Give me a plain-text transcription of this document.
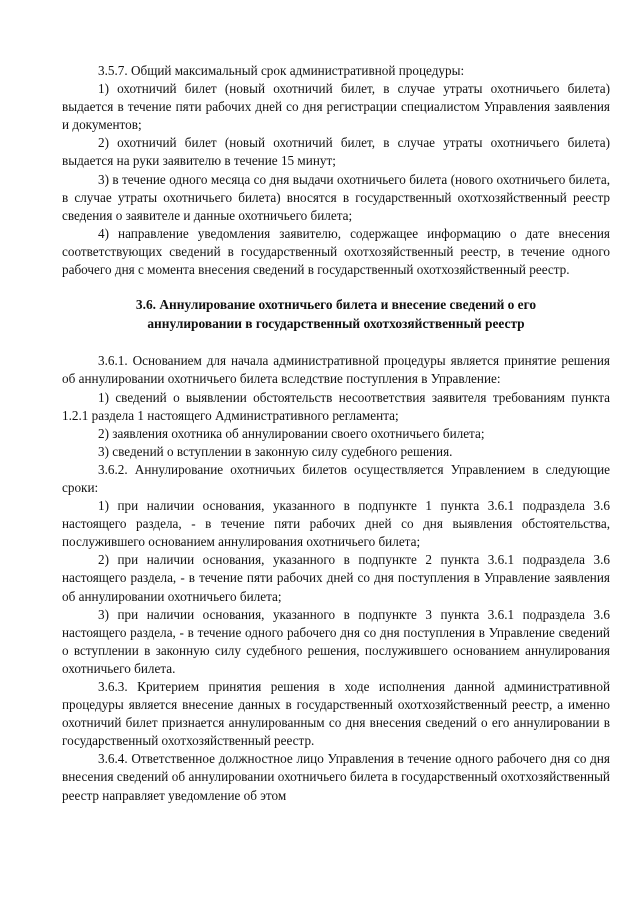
3.5.7. Общий максимальный срок административной процедуры:

1) охотничий билет (новый охотничий билет, в случае утраты охотничьего билета) выдается в течение пяти рабочих дней со дня регистрации специалистом Управления заявления и документов;

2) охотничий билет (новый охотничий билет, в случае утраты охотничьего билета) выдается на руки заявителю в течение 15 минут;

3) в течение одного месяца со дня выдачи охотничьего билета (нового охотничьего билета, в случае утраты охотничьего билета) вносятся в государственный охотхозяйственный реестр сведения о заявителе и данные охотничьего билета;

4) направление уведомления заявителю, содержащее информацию о дате внесения соответствующих сведений в государственный охотхозяйственный реестр, в течение одного рабочего дня с момента внесения сведений в государственный охотхозяйственный реестр.

3.6. Аннулирование охотничьего билета и внесение сведений о его
аннулировании в государственный охотхозяйственный реестр

3.6.1. Основанием для начала административной процедуры является принятие решения об аннулировании охотничьего билета вследствие поступления в Управление:

1) сведений о выявлении обстоятельств несоответствия заявителя требованиям пункта 1.2.1 раздела 1 настоящего Административного регламента;

2) заявления охотника об аннулировании своего охотничьего билета;

3) сведений о вступлении в законную силу судебного решения.

3.6.2. Аннулирование охотничьих билетов осуществляется Управлением в следующие сроки:

1) при наличии основания, указанного в подпункте 1 пункта 3.6.1 подраздела 3.6 настоящего раздела, - в течение пяти рабочих дней со дня выявления обстоятельства, послужившего основанием аннулирования охотничьего билета;

2) при наличии основания, указанного в подпункте 2 пункта 3.6.1 подраздела 3.6 настоящего раздела, - в течение пяти рабочих дней со дня поступления в Управление заявления об аннулировании охотничьего билета;

3) при наличии основания, указанного в подпункте 3 пункта 3.6.1 подраздела 3.6 настоящего раздела, - в течение одного рабочего дня со дня поступления в Управление сведений о вступлении в законную силу судебного решения, послужившего основанием аннулирования охотничьего билета.

3.6.3. Критерием принятия решения в ходе исполнения данной административной процедуры является внесение данных в государственный охотхозяйственный реестр, а именно охотничий билет признается аннулированным со дня внесения сведений о его аннулировании в государственный охотхозяйственный реестр.

3.6.4. Ответственное должностное лицо Управления в течение одного рабочего дня со дня внесения сведений об аннулировании охотничьего билета в государственный охотхозяйственный реестр направляет уведомление об этом
